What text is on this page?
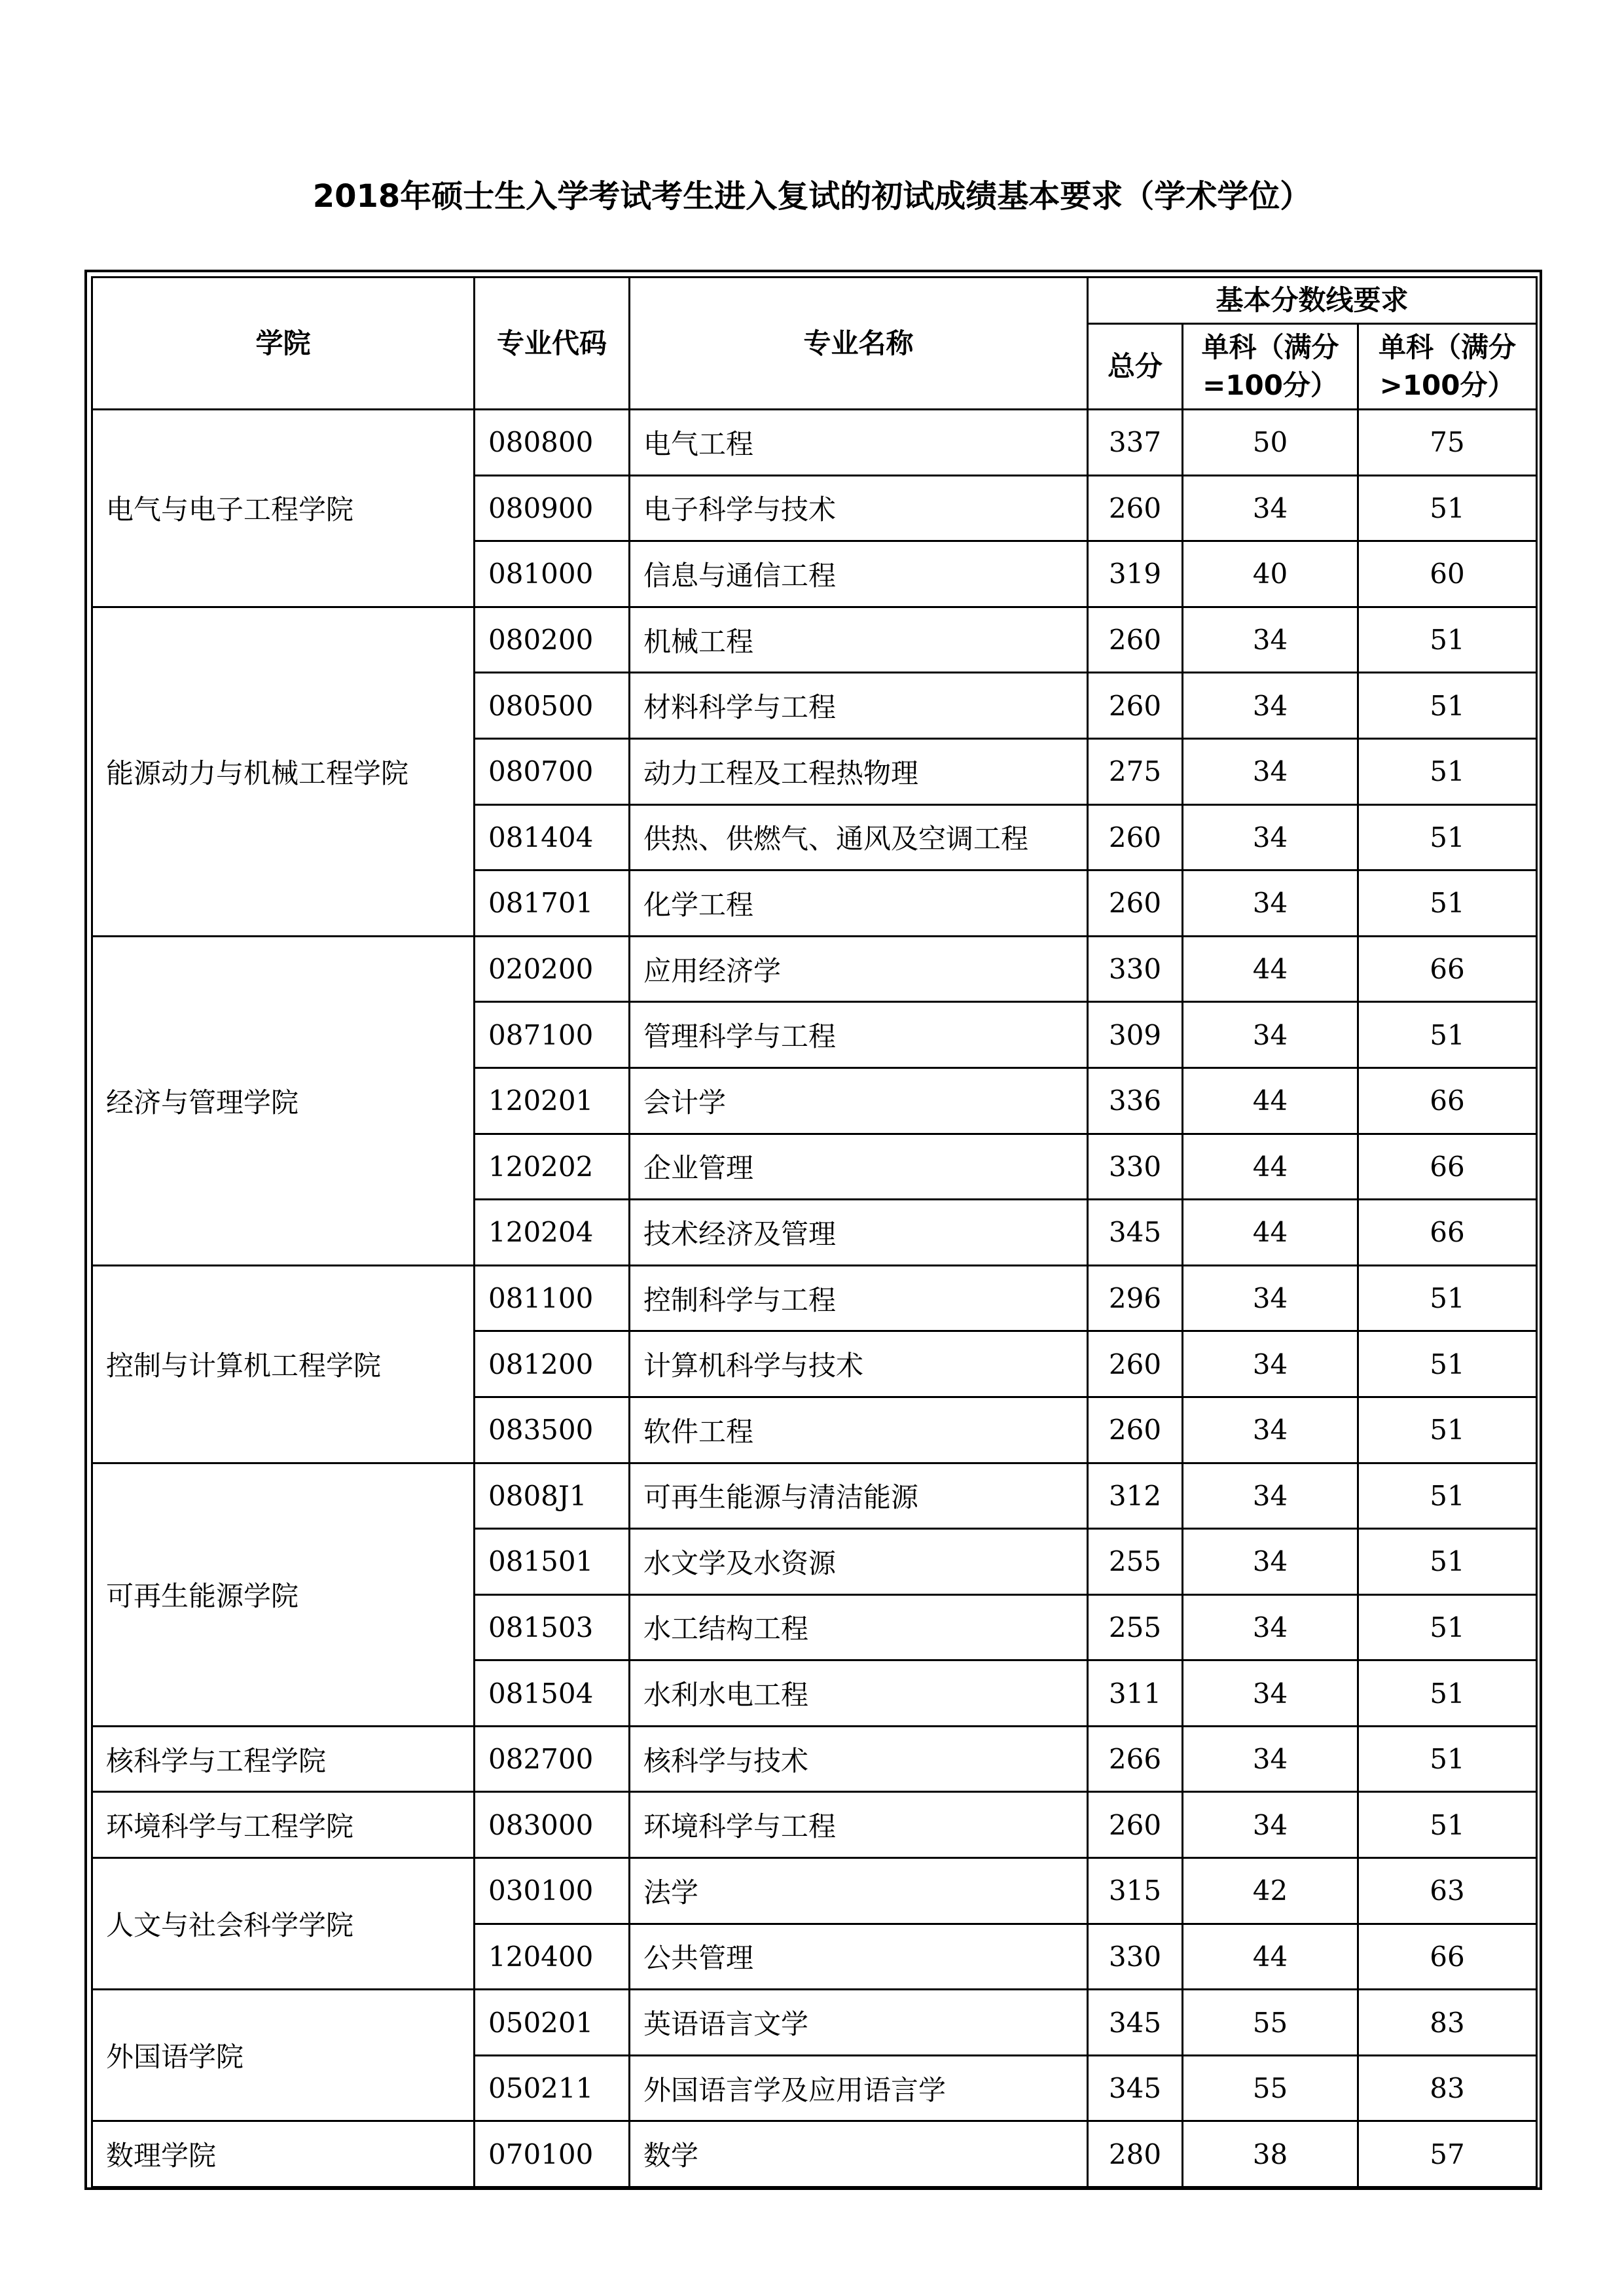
2018年硕士生入学考试考生进入复试的初试成绩基本要求（学术学位）
学院	专业代码	专业名称	基本分数线要求		
			总分	单科（满分=100分）	单科（满分>100分）
电气与电子工程学院	080800	电气工程	337	50	75
	080900	电子科学与技术	260	34	51
	081000	信息与通信工程	319	40	60
能源动力与机械工程学院	080200	机械工程	260	34	51
	080500	材料科学与工程	260	34	51
	080700	动力工程及工程热物理	275	34	51
	081404	供热、供燃气、通风及空调工程	260	34	51
	081701	化学工程	260	34	51
经济与管理学院	020200	应用经济学	330	44	66
	087100	管理科学与工程	309	34	51
	120201	会计学	336	44	66
	120202	企业管理	330	44	66
	120204	技术经济及管理	345	44	66
控制与计算机工程学院	081100	控制科学与工程	296	34	51
	081200	计算机科学与技术	260	34	51
	083500	软件工程	260	34	51
可再生能源学院	0808J1	可再生能源与清洁能源	312	34	51
	081501	水文学及水资源	255	34	51
	081503	水工结构工程	255	34	51
	081504	水利水电工程	311	34	51
核科学与工程学院	082700	核科学与技术	266	34	51
环境科学与工程学院	083000	环境科学与工程	260	34	51
人文与社会科学学院	030100	法学	315	42	63
	120400	公共管理	330	44	66
外国语学院	050201	英语语言文学	345	55	83
	050211	外国语言学及应用语言学	345	55	83
数理学院	070100	数学	280	38	57
